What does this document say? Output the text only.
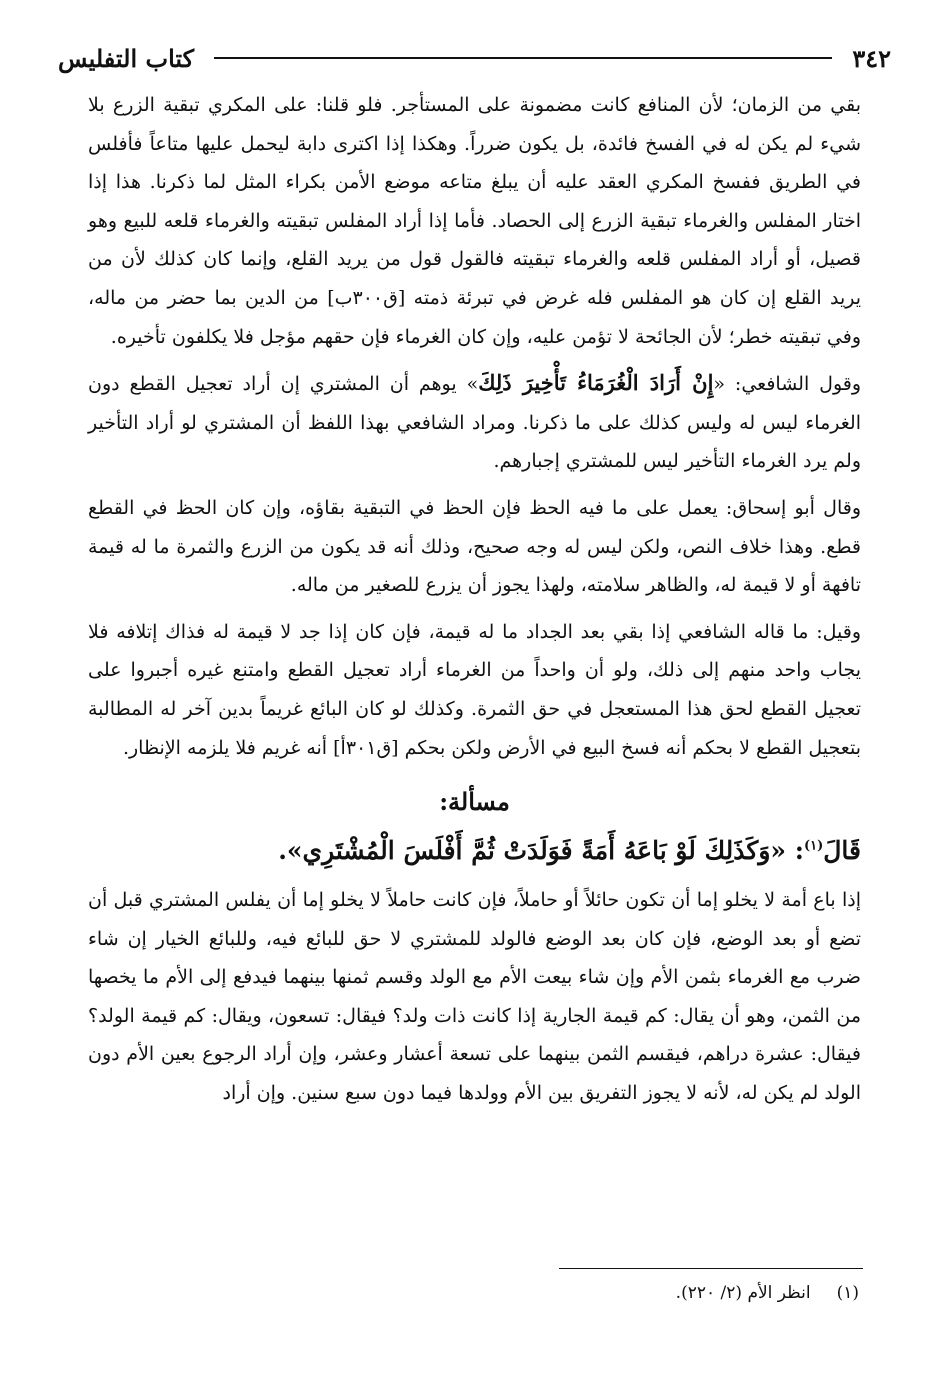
٣٤٢
كتاب التفليس

بقي من الزمان؛ لأن المنافع كانت مضمونة على المستأجر. فلو قلنا: على المكري تبقية الزرع بلا شيء لم يكن له في الفسخ فائدة، بل يكون ضرراً. وهكذا إذا اكترى دابة ليحمل عليها متاعاً فأفلس في الطريق ففسخ المكري العقد عليه أن يبلغ متاعه موضع الأمن بكراء المثل لما ذكرنا. هذا إذا اختار المفلس والغرماء تبقية الزرع إلى الحصاد. فأما إذا أراد المفلس تبقيته والغرماء قلعه للبيع وهو قصيل، أو أراد المفلس قلعه والغرماء تبقيته فالقول قول من يريد القلع، وإنما كان كذلك لأن من يريد القلع إن كان هو المفلس فله غرض في تبرئة ذمته [ق٣٠٠ب] من الدين بما حضر من ماله، وفي تبقيته خطر؛ لأن الجائحة لا تؤمن عليه، وإن كان الغرماء فإن حقهم مؤجل فلا يكلفون تأخيره.

وقول الشافعي: «إِنْ أَرَادَ الْغُرَمَاءُ تَأْخِيرَ ذَلِكَ» يوهم أن المشتري إن أراد تعجيل القطع دون الغرماء ليس له وليس كذلك على ما ذكرنا. ومراد الشافعي بهذا اللفظ أن المشتري لو أراد التأخير ولم يرد الغرماء التأخير ليس للمشتري إجبارهم.

وقال أبو إسحاق: يعمل على ما فيه الحظ فإن الحظ في التبقية بقاؤه، وإن كان الحظ في القطع قطع. وهذا خلاف النص، ولكن ليس له وجه صحيح، وذلك أنه قد يكون من الزرع والثمرة ما له قيمة تافهة أو لا قيمة له، والظاهر سلامته، ولهذا يجوز أن يزرع للصغير من ماله.

وقيل: ما قاله الشافعي إذا بقي بعد الجداد ما له قيمة، فإن كان إذا جد لا قيمة له فذاك إتلافه فلا يجاب واحد منهم إلى ذلك، ولو أن واحداً من الغرماء أراد تعجيل القطع وامتنع غيره أجبروا على تعجيل القطع لحق هذا المستعجل في حق الثمرة. وكذلك لو كان البائع غريماً بدين آخر له المطالبة بتعجيل القطع لا بحكم أنه فسخ البيع في الأرض ولكن بحكم [ق٣٠١أ] أنه غريم فلا يلزمه الإنظار.

مسألة:

قَالَ$^{(١)}$: «وَكَذَلِكَ لَوْ بَاعَهُ أَمَةً فَوَلَدَتْ ثُمَّ أَفْلَسَ الْمُشْتَرِي».

إذا باع أمة لا يخلو إما أن تكون حائلاً أو حاملاً، فإن كانت حاملاً لا يخلو إما أن يفلس المشتري قبل أن تضع أو بعد الوضع، فإن كان بعد الوضع فالولد للمشتري لا حق للبائع فيه، وللبائع الخيار إن شاء ضرب مع الغرماء بثمن الأم وإن شاء بيعت الأم مع الولد وقسم ثمنها بينهما فيدفع إلى الأم ما يخصها من الثمن، وهو أن يقال: كم قيمة الجارية إذا كانت ذات ولد؟ فيقال: تسعون، ويقال: كم قيمة الولد؟ فيقال: عشرة دراهم، فيقسم الثمن بينهما على تسعة أعشار وعشر، وإن أراد الرجوع بعين الأم دون الولد لم يكن له، لأنه لا يجوز التفريق بين الأم وولدها فيما دون سبع سنين. وإن أراد

(١)انظر الأم (٢/ ٢٢٠).
